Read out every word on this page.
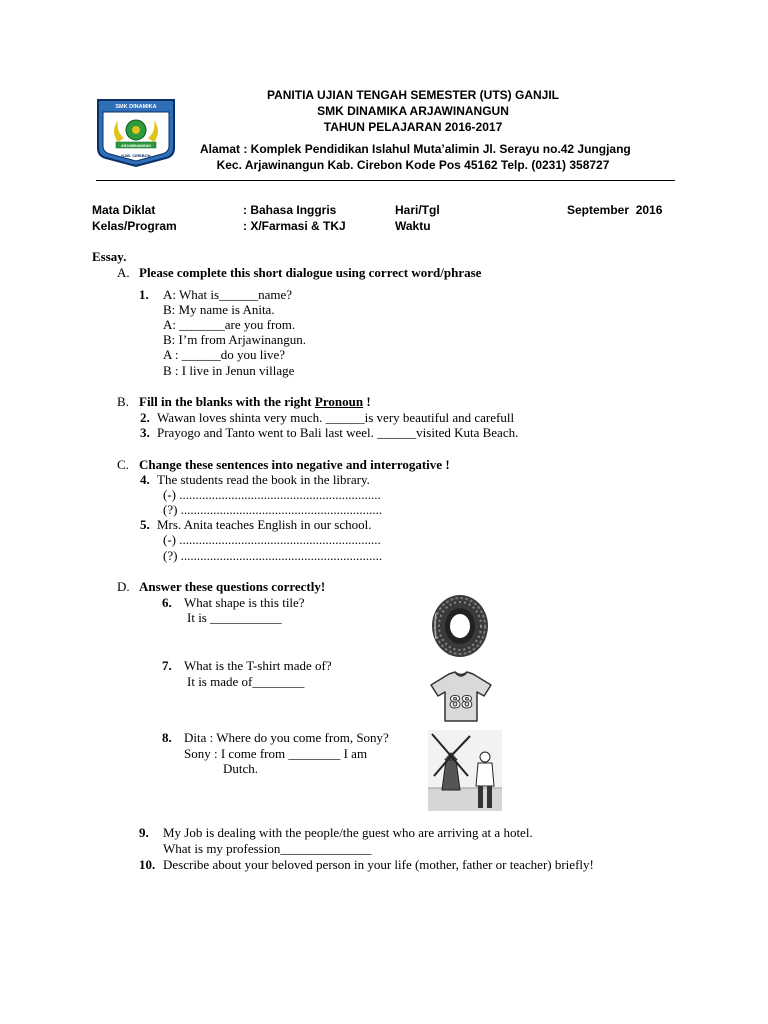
SMK DINAMIKA
ARJAWINANGUN
KAB. CIREBON
PANITIA UJIAN TENGAH SEMESTER (UTS) GANJIL
SMK DINAMIKA ARJAWINANGUN
TAHUN PELAJARAN 2016-2017
Alamat : Komplek Pendidikan Islahul Muta’alimin Jl. Serayu no.42 Jungjang
Kec. Arjawinangun Kab. Cirebon Kode Pos 45162 Telp. (0231) 358727
Mata Diklat	: Bahasa Inggris	Hari/Tgl	September  2016
Kelas/Program	: X/Farmasi & TKJ	Waktu
Essay.
A. Please complete this short dialogue using correct word/phrase
1. A: What is______name?
B: My name is Anita.
A: _______are you from.
B: I’m from Arjawinangun.
A : ______do you live?
B : I live in Jenun village
B. Fill in the blanks with the right Pronoun !
2. Wawan loves shinta very much. ______is very beautiful and carefull
3. Prayogo and Tanto went to Bali last weel. ______visited Kuta Beach.
C. Change these sentences into negative and interrogative !
4. The students read the book in the library.
(-) ..............................................................
(?) ..............................................................
5. Mrs. Anita teaches English in our school.
(-) ..............................................................
(?) ..............................................................
D. Answer these questions correctly!
6. What shape is this tile?
It is ___________
7. What is the T-shirt made of?
It is made of________
88
8. Dita : Where do you come from, Sony?
Sony : I come from ________ I am
Dutch.
9. My Job is dealing with the people/the guest who are arriving at a hotel.
What is my profession______________
10. Describe about your beloved person in your life (mother, father or teacher) briefly!
